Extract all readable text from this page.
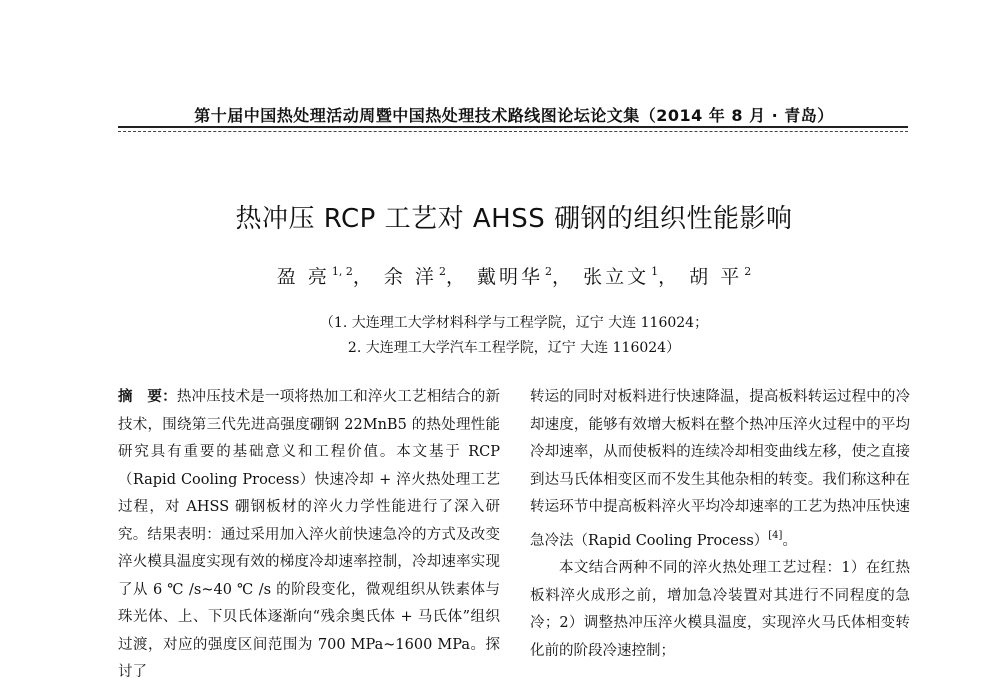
第十届中国热处理活动周暨中国热处理技术路线图论坛论文集（2014 年 8 月 · 青岛）
热冲压 RCP 工艺对 AHSS 硼钢的组织性能影响
盈 亮 $^{1, 2}$， 余 洋 $^2$， 戴明华 $^2$， 张立文 $^1$， 胡 平 $^2$
（1. 大连理工大学材料科学与工程学院，辽宁 大连 116024；
2. 大连理工大学汽车工程学院，辽宁 大连 116024）

摘　要：热冲压技术是一项将热加工和淬火工艺相结合的新技术，围绕第三代先进高强度硼钢 22MnB5 的热处理性能研究具有重要的基础意义和工程价值。本文基于 RCP（Rapid Cooling Process）快速冷却 + 淬火热处理工艺过程，对 AHSS 硼钢板材的淬火力学性能进行了深入研究。结果表明：通过采用加入淬火前快速急冷的方式及改变淬火模具温度实现有效的梯度冷却速率控制，冷却速率实现了从 6 ℃ /s~40 ℃ /s 的阶段变化，微观组织从铁素体与珠光体、上、下贝氏体逐渐向“残余奥氏体 + 马氏体”组织过渡，对应的强度区间范围为 700 MPa~1600 MPa。探讨了

转运的同时对板料进行快速降温，提高板料转运过程中的冷却速度，能够有效增大板料在整个热冲压淬火过程中的平均冷却速率，从而使板料的连续冷却相变曲线左移，使之直接到达马氏体相变区而不发生其他杂相的转变。我们称这种在转运环节中提高板料淬火平均冷却速率的工艺为热冲压快速急冷法（Rapid Cooling Process）[4]。

本文结合两种不同的淬火热处理工艺过程：1）在红热板料淬火成形之前，增加急冷装置对其进行不同程度的急冷；2）调整热冲压淬火模具温度，实现淬火马氏体相变转化前的阶段冷速控制；
